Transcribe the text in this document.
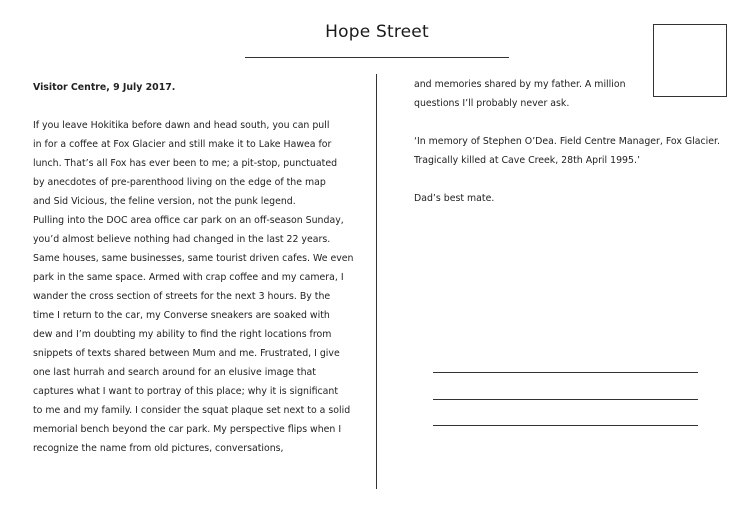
Hope Street
Visitor Centre, 9 July 2017.
If you leave Hokitika before dawn and head south, you can pull
in for a coffee at Fox Glacier and still make it to Lake Hawea for
lunch. That’s all Fox has ever been to me; a pit-stop, punctuated
by anecdotes of pre-parenthood living on the edge of the map
and Sid Vicious, the feline version, not the punk legend.
Pulling into the DOC area office car park on an off-season Sunday,
you’d almost believe nothing had changed in the last 22 years.
Same houses, same businesses, same tourist driven cafes. We even
park in the same space. Armed with crap coffee and my camera, I
wander the cross section of streets for the next 3 hours. By the
time I return to the car, my Converse sneakers are soaked with
dew and I’m doubting my ability to find the right locations from
snippets of texts shared between Mum and me. Frustrated, I give
one last hurrah and search around for an elusive image that
captures what I want to portray of this place; why it is significant
to me and my family. I consider the squat plaque set next to a solid
memorial bench beyond the car park. My perspective flips when I
recognize the name from old pictures, conversations,
and memories shared by my father. A million
questions I’ll probably never ask.
‘In memory of Stephen O’Dea. Field Centre Manager, Fox Glacier.
Tragically killed at Cave Creek, 28th April 1995.’
Dad’s best mate.
